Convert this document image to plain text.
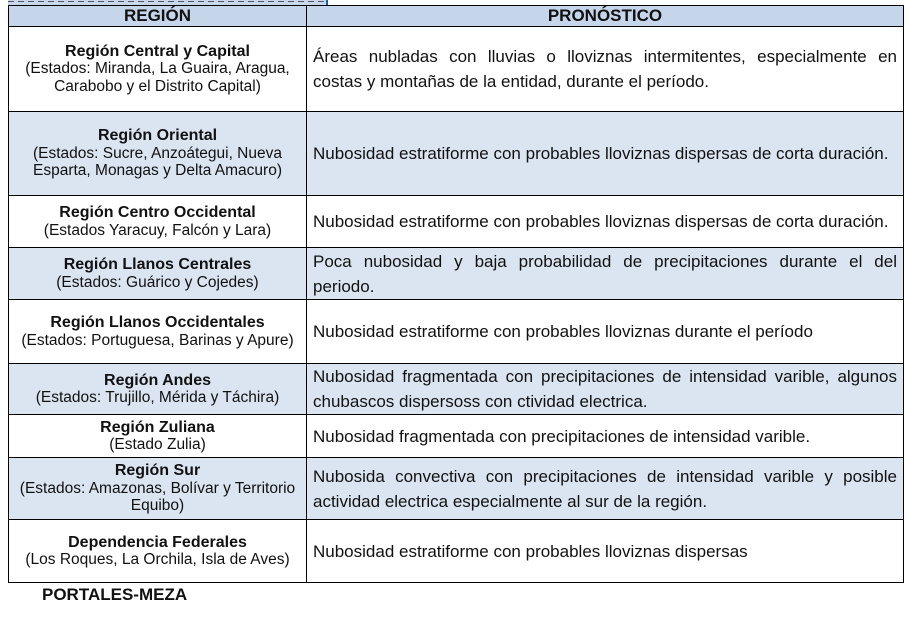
REGIÓN	PRONÓSTICO

Región Central y Capital
(Estados: Miranda, La Guaira, Aragua, Carabobo y el Distrito Capital)	Áreas nubladas con lluvias o lloviznas intermitentes, especialmente en costas y montañas de la entidad, durante el período.

Región Oriental
(Estados: Sucre, Anzoátegui, Nueva Esparta, Monagas y Delta Amacuro)	Nubosidad estratiforme con probables lloviznas dispersas de corta duración.

Región Centro Occidental
(Estados Yaracuy, Falcón y Lara)	Nubosidad estratiforme con probables lloviznas dispersas de corta duración.

Región Llanos Centrales
(Estados: Guárico y Cojedes)	Poca nubosidad y baja probabilidad de precipitaciones durante el del periodo.

Región Llanos Occidentales
(Estados: Portuguesa, Barinas y Apure)	Nubosidad estratiforme con probables lloviznas durante el período

Región Andes
(Estados: Trujillo, Mérida y Táchira)	Nubosidad fragmentada con precipitaciones de intensidad varible, algunos chubascos dispersoss con ctividad electrica.

Región Zuliana
(Estado Zulia)	Nubosidad fragmentada con precipitaciones de intensidad varible.

Región Sur
(Estados: Amazonas, Bolívar y Territorio Equibo)	Nubosida convectiva con precipitaciones de intensidad varible y posible actividad electrica especialmente al sur de la región.

Dependencia Federales
(Los Roques, La Orchila, Isla de Aves)	Nubosidad estratiforme con probables lloviznas dispersas
PORTALES-MEZA
